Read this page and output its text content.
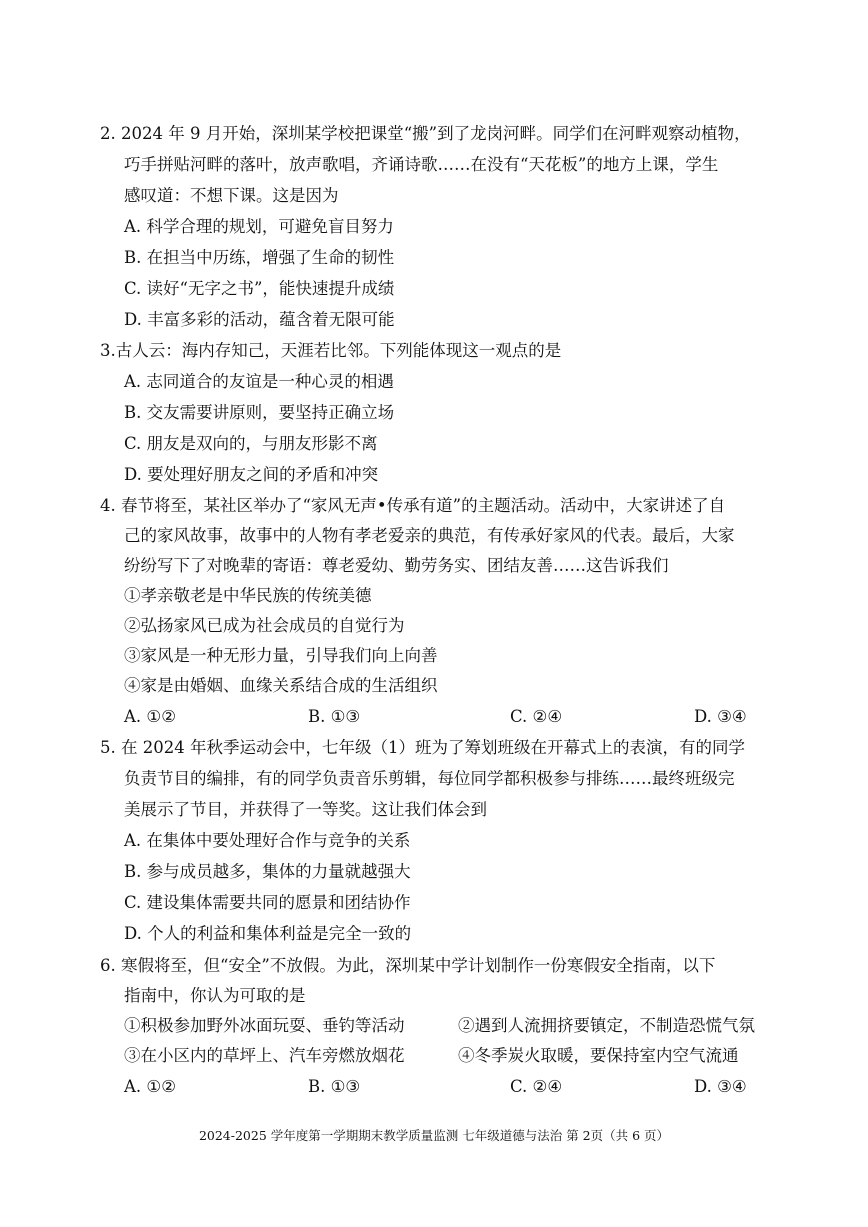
2. 2024 年 9 月开始，深圳某学校把课堂“搬”到了龙岗河畔。同学们在河畔观察动植物，
巧手拼贴河畔的落叶，放声歌唱，齐诵诗歌……在没有“天花板”的地方上课，学生
感叹道：不想下课。这是因为
A. 科学合理的规划，可避免盲目努力
B. 在担当中历练，增强了生命的韧性
C. 读好“无字之书”，能快速提升成绩
D. 丰富多彩的活动，蕴含着无限可能
3.古人云：海内存知己，天涯若比邻。下列能体现这一观点的是
A. 志同道合的友谊是一种心灵的相遇
B. 交友需要讲原则，要坚持正确立场
C. 朋友是双向的，与朋友形影不离
D. 要处理好朋友之间的矛盾和冲突
4. 春节将至，某社区举办了“家风无声•传承有道”的主题活动。活动中，大家讲述了自
己的家风故事，故事中的人物有孝老爱亲的典范，有传承好家风的代表。最后，大家
纷纷写下了对晚辈的寄语：尊老爱幼、勤劳务实、团结友善……这告诉我们
①孝亲敬老是中华民族的传统美德
②弘扬家风已成为社会成员的自觉行为
③家风是一种无形力量，引导我们向上向善
④家是由婚姻、血缘关系结合成的生活组织
A. ①②	B. ①③	C. ②④	D. ③④
5. 在 2024 年秋季运动会中，七年级（1）班为了筹划班级在开幕式上的表演，有的同学
负责节目的编排，有的同学负责音乐剪辑，每位同学都积极参与排练……最终班级完
美展示了节目，并获得了一等奖。这让我们体会到
A. 在集体中要处理好合作与竞争的关系
B. 参与成员越多，集体的力量就越强大
C. 建设集体需要共同的愿景和团结协作
D. 个人的利益和集体利益是完全一致的
6. 寒假将至，但“安全”不放假。为此，深圳某中学计划制作一份寒假安全指南，以下
指南中，你认为可取的是
①积极参加野外冰面玩耍、垂钓等活动	②遇到人流拥挤要镇定，不制造恐慌气氛
③在小区内的草坪上、汽车旁燃放烟花	④冬季炭火取暖，要保持室内空气流通
A. ①②	B. ①③	C. ②④	D. ③④
2024-2025 学年度第一学期期末教学质量监测 七年级道德与法治 第 2页（共 6 页）
